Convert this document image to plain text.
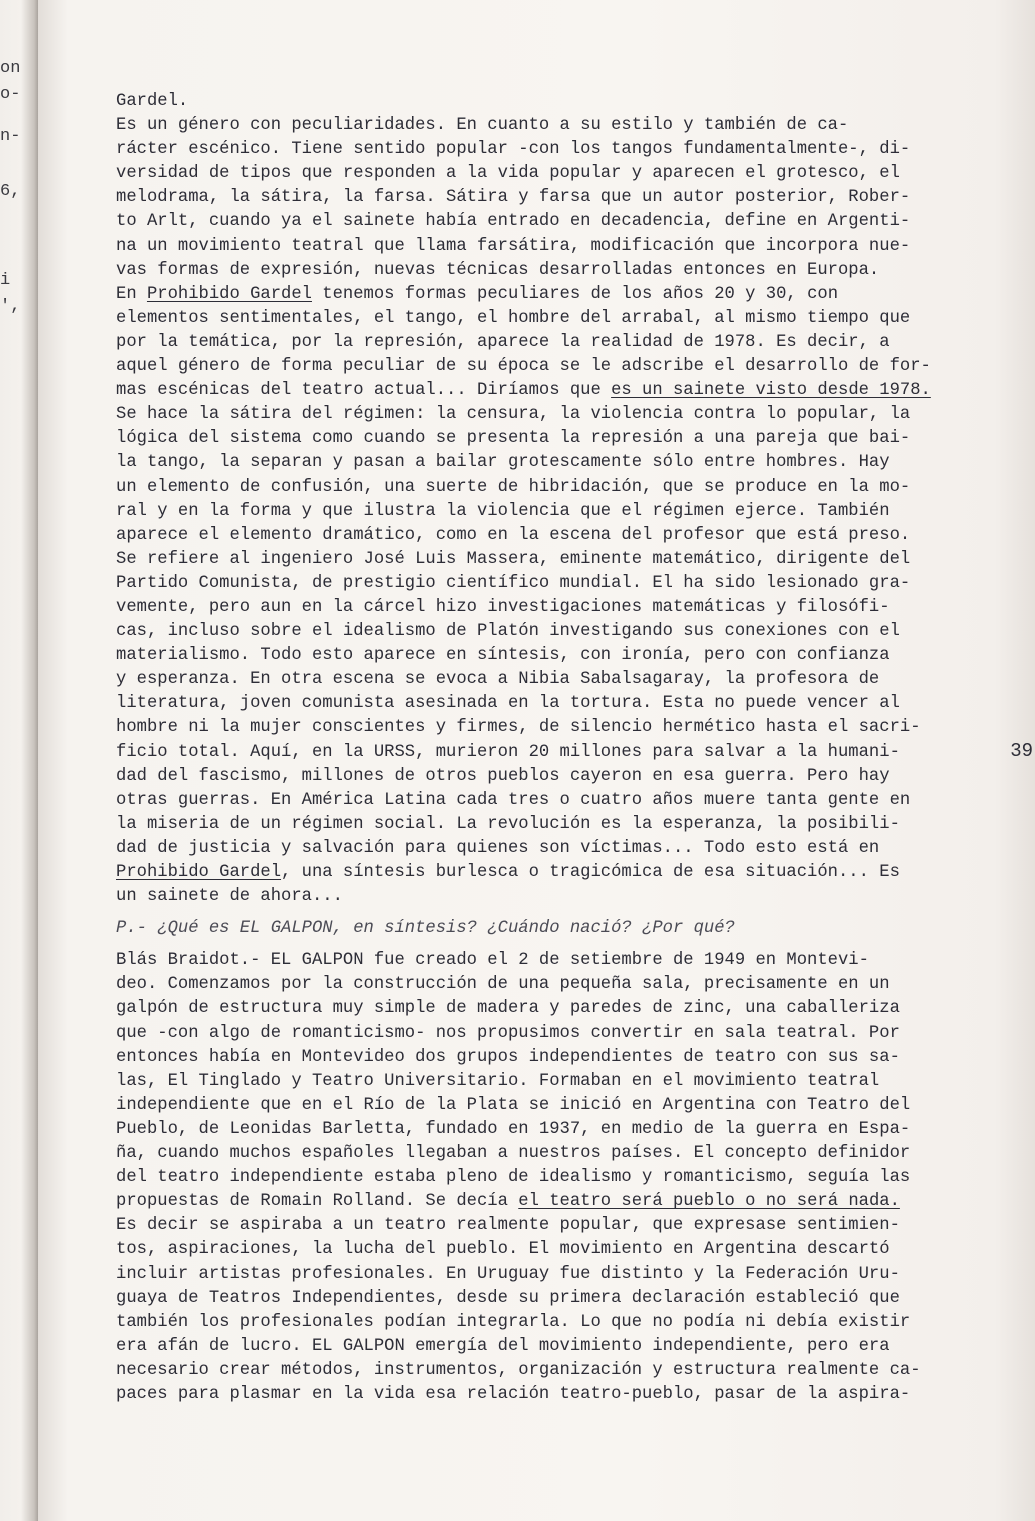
on
o-
n-
6,
i
',
Gardel.
Es un género con peculiaridades. En cuanto a su estilo y también de ca-
rácter escénico. Tiene sentido popular -con los tangos fundamentalmente-, di-
versidad de tipos que responden a la vida popular y aparecen el grotesco, el
melodrama, la sátira, la farsa. Sátira y farsa que un autor posterior, Rober-
to Arlt, cuando ya el sainete había entrado en decadencia, define en Argenti-
na un movimiento teatral que llama farsátira, modificación que incorpora nue-
vas formas de expresión, nuevas técnicas desarrolladas entonces en Europa.
En Prohibido Gardel tenemos formas peculiares de los años 20 y 30, con
elementos sentimentales, el tango, el hombre del arrabal, al mismo tiempo que
por la temática, por la represión, aparece la realidad de 1978. Es decir, a
aquel género de forma peculiar de su época se le adscribe el desarrollo de for-
mas escénicas del teatro actual... Diríamos que es un sainete visto desde 1978.
Se hace la sátira del régimen: la censura, la violencia contra lo popular, la
lógica del sistema como cuando se presenta la represión a una pareja que bai-
la tango, la separan y pasan a bailar grotescamente sólo entre hombres. Hay
un elemento de confusión, una suerte de hibridación, que se produce en la mo-
ral y en la forma y que ilustra la violencia que el régimen ejerce. También
aparece el elemento dramático, como en la escena del profesor que está preso.
Se refiere al ingeniero José Luis Massera, eminente matemático, dirigente del
Partido Comunista, de prestigio científico mundial. El ha sido lesionado gra-
vemente, pero aun en la cárcel hizo investigaciones matemáticas y filosófi-
cas, incluso sobre el idealismo de Platón investigando sus conexiones con el
materialismo. Todo esto aparece en síntesis, con ironía, pero con confianza
y esperanza. En otra escena se evoca a Nibia Sabalsagaray, la profesora de
literatura, joven comunista asesinada en la tortura. Esta no puede vencer al
hombre ni la mujer conscientes y firmes, de silencio hermético hasta el sacri-
ficio total. Aquí, en la URSS, murieron 20 millones para salvar a la humani-
dad del fascismo, millones de otros pueblos cayeron en esa guerra. Pero hay
otras guerras. En América Latina cada tres o cuatro años muere tanta gente en
la miseria de un régimen social. La revolución es la esperanza, la posibili-
dad de justicia y salvación para quienes son víctimas... Todo esto está en
Prohibido Gardel, una síntesis burlesca o tragicómica de esa situación... Es
un sainete de ahora...
P.- ¿Qué es EL GALPON, en síntesis? ¿Cuándo nació? ¿Por qué?
Blás Braidot.- EL GALPON fue creado el 2 de setiembre de 1949 en Montevi-
deo. Comenzamos por la construcción de una pequeña sala, precisamente en un
galpón de estructura muy simple de madera y paredes de zinc, una caballeriza
que -con algo de romanticismo- nos propusimos convertir en sala teatral. Por
entonces había en Montevideo dos grupos independientes de teatro con sus sa-
las, El Tinglado y Teatro Universitario. Formaban en el movimiento teatral
independiente que en el Río de la Plata se inició en Argentina con Teatro del
Pueblo, de Leonidas Barletta, fundado en 1937, en medio de la guerra en Espa-
ña, cuando muchos españoles llegaban a nuestros países. El concepto definidor
del teatro independiente estaba pleno de idealismo y romanticismo, seguía las
propuestas de Romain Rolland. Se decía el teatro será pueblo o no será nada.
Es decir se aspiraba a un teatro realmente popular, que expresase sentimien-
tos, aspiraciones, la lucha del pueblo. El movimiento en Argentina descartó
incluir artistas profesionales. En Uruguay fue distinto y la Federación Uru-
guaya de Teatros Independientes, desde su primera declaración estableció que
también los profesionales podían integrarla. Lo que no podía ni debía existir
era afán de lucro. EL GALPON emergía del movimiento independiente, pero era
necesario crear métodos, instrumentos, organización y estructura realmente ca-
paces para plasmar en la vida esa relación teatro-pueblo, pasar de la aspira-
39
